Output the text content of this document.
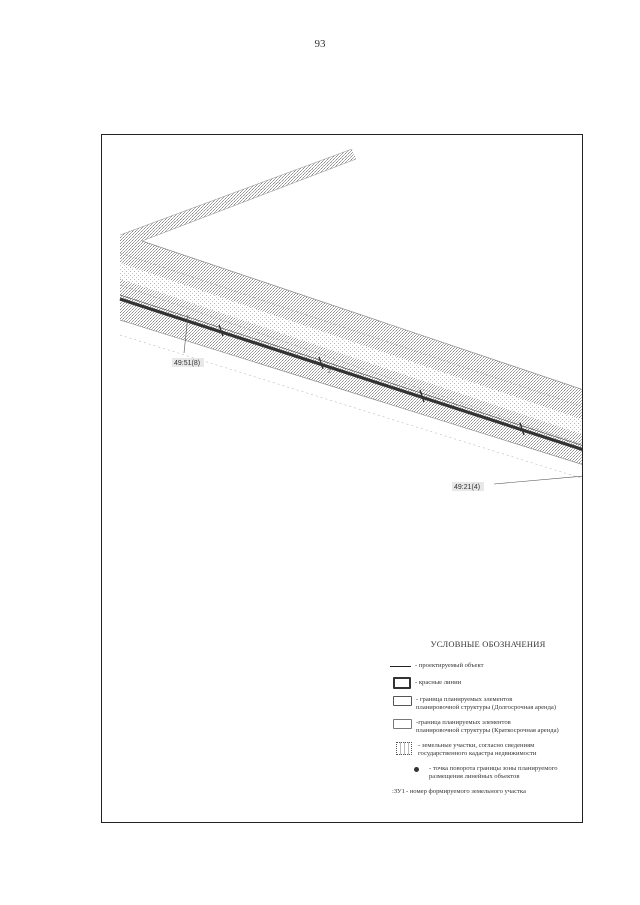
93
49:51(8)
49:21(4)
2
УСЛОВНЫЕ ОБОЗНАЧЕНИЯ
- проектируемый объект
- красные линии
- граница планируемых элементов
планировочной структуры (Долгосрочная аренда)
-граница планируемых элементов
планировочной структуры (Краткосрочная аренда)
- земельные участки, согласно сведениям
государственного кадастра недвижимости
- точка поворота границы зоны планируемого
размещения линейных объектов
:ЗУ1 - номер формируемого земельного участка
